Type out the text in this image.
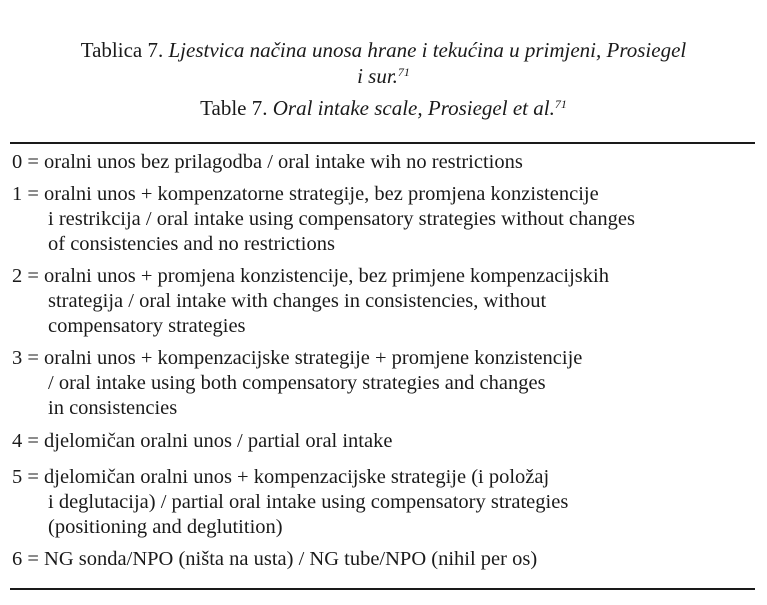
Tablica 7. Ljestvica načina unosa hrane i tekućina u primjeni, Prosiegel
i sur.$^{71}$
Table 7. Oral intake scale, Prosiegel et al.$^{71}$
0 = oralni unos bez prilagodba / oral intake wih no restrictions
1 = oralni unos + kompenzatorne strategije, bez promjena konzistencije
i restrikcija / oral intake using compensatory strategies without changes
of consistencies and no restrictions
2 = oralni unos + promjena konzistencije, bez primjene kompenzacijskih
strategija / oral intake with changes in consistencies, without
compensatory strategies
3 = oralni unos + kompenzacijske strategije + promjene konzistencije
/ oral intake using both compensatory strategies and changes
in consistencies
4 = djelomičan oralni unos / partial oral intake
5 = djelomičan oralni unos + kompenzacijske strategije (i položaj
i deglutacija) / partial oral intake using compensatory strategies
(positioning and deglutition)
6 = NG sonda/NPO (ništa na usta) / NG tube/NPO (nihil per os)
